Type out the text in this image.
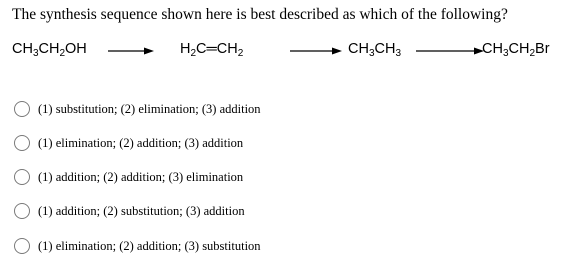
The synthesis sequence shown here is best described as which of the following?
$CH_3CH_2OH$ → $H_2C═CH_2$	→ $CH_3CH_3$	$CH_3CH_2Br$
(1) substitution; (2) elimination; (3) addition
(1) elimination; (2) addition; (3) addition
(1) addition; (2) addition; (3) elimination
(1) addition; (2) substitution; (3) addition
(1) elimination; (2) addition; (3) substitution
